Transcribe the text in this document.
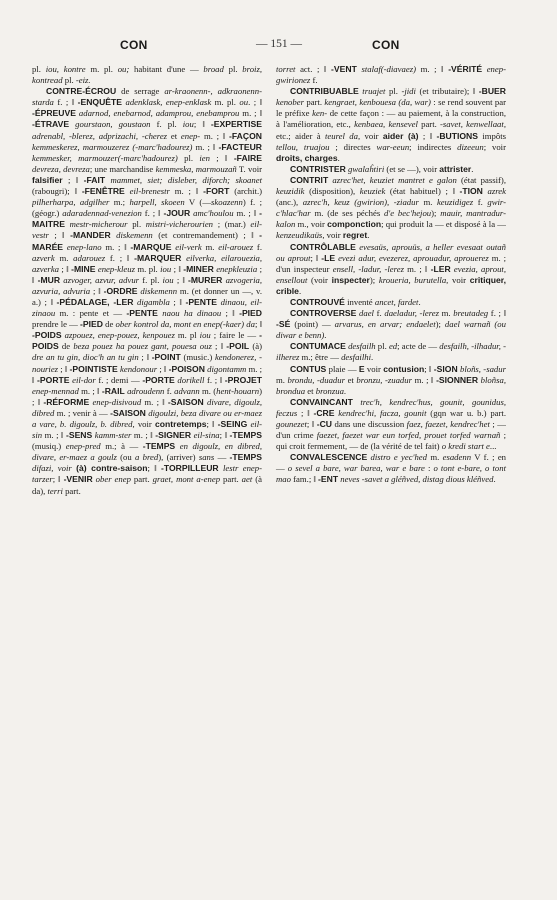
CON	— 151 —	CON

pl. iou, kontre m. pl. ou; habitant d'une — broad pl. broiz, kontread pl. -eiz.

CONTRE-ÉCROU de serrage ar-kraonenn-, adkraonenn-starda f. ; ‖ -ENQUÊTE adenklask, enep-enklask m. pl. ou. ; ‖ -ÉPREUVE adarnod, enebarnod, adamprou, enebamprou m. ; ‖ -ÉTRAVE gourstaon, goustaon f. pl. iou; ‖ -EXPERTISE adrenabl, -blerez, adprizachi, -cherez et enep- m. ; ‖ -FAÇON kemmeskerez, marmouzerez (-marc'hadourez) m. ; ‖ -FACTEUR kemmesker, marmouzer(-marc'hadourez) pl. ien ; ‖ -FAIRE devreza, devreza; une marchandise kemmeska, marmouzañ T. voir falsifier ; ‖ -FAIT mammet, siet; disleber, diforch; skoanet (rabougri); ‖ -FENÊTRE eil-brenestr m. ; ‖ -FORT (archit.) pilherharpa, adgilher m.; harpell, skoeen V (—skoazenn) f. ; (géogr.) adaradennad-venezion f. ; ‖ -JOUR amc'houlou m. ; ‖ -MAITRE mestr-micherour pl. mistri-vicherourien ; (mar.) eil-vestr ; ‖ -MANDER diskemenn (et contremandement) ; ‖ -MARÉE enep-lano m. ; ‖ -MARQUE eil-verk m. eil-arouez f. azverk m. adarouez f. ; ‖ -MARQUER eilverka, eilarouezia, azverka ; ‖ -MINE enep-kleuz m. pl. iou ; ‖ -MINER enepkleuzia ; ‖ -MUR azvoger, azvur, advur f. pl. iou ; ‖ -MURER azvogeria, azvuria, advuria ; ‖ -ORDRE diskemenn m. (et donner un —, v. a.) ; ‖ -PÉDALAGE, -LER digambla ; ‖ -PENTE dinaou, eil-zinaou m. : pente et — -PENTE naou ha dinaou ; ‖ -PIED prendre le — -PIED de ober kontrol da, mont en enep(-kaer) da; ‖ -POIDS azpouez, enep-pouez, kenpouez m. pl iou ; faire le — -POIDS de beza pouez ha pouez gant, pouesa ouz ; ‖ -POIL (à) dre an tu gin, dioc'h an tu gin ; ‖ -POINT (music.) kendonerez, -nouriez ; ‖ -POINTISTE kendonour ; ‖ -POISON digontamm m. ; ‖ -PORTE eil-dor f. ; demi — -PORTE dorikell f. ; ‖ -PROJET enep-mennad m. ; ‖ -RAIL adroudenn f. advann m. (hent-houarn) ; ‖ -RÉFORME enep-disivoud m. ; ‖ -SAISON divare, digoulz, dibred m. ; venir à — -SAISON digoulzi, beza divare ou er-maez a vare, b. digoulz, b. dibred, voir contretemps; ‖ -SEING eil-sin m. ; ‖ -SENS kamm-ster m. ; ‖ -SIGNER eil-sina; ‖ -TEMPS (musiq.) enep-pred m.; à — -TEMPS en digoulz, en dibred, divare, er-maez a goulz (ou a bred), (arriver) sans — -TEMPS difazi, voir (à) contre-saison; ‖ -TORPILLEUR lestr enep-tarzer; ‖ -VENIR ober enep part. graet, mont a-enep part. aet (à da), terri part.

torret act. ; ‖ -VENT stalaf(-diavaez) m. ; ‖ -VÉRITÉ enep-gwirionez f.

CONTRIBUABLE truajet pl. -jidi (et tributaire); ‖ -BUER kenober part. kengraet, kenbouesa (da, war) : se rend souvent par le préfixe ken- de cette façon : — au paiement, à la construction, à l'amélioration, etc., kenbaea, kensevel part. -savet, kenwellaat, etc.; aider à teurel da, voir aider (à) ; ‖ -BUTIONS impôts tellou, truajou ; directes war-eeun; indirectes dizeeun; voir droits, charges.

CONTRISTER gwalaĥtiri (et se —), voir attrister.

CONTRIT azrec'het, keuziet mantret e galon (état passif), keuzidik (disposition), keuziek (état habituel) ; ‖ -TION azrek (anc.), azrec'h, keuz (gwirion), -ziadur m. keuzidigez f. gwir-c'hlac'har m. (de ses péchés d'e bec'hejou); mauir, mantradur-kalon m., voir componction; qui produit la — et disposé à la — kenzeudikaüs, voir regret.

CONTRÔLABLE evesaüs, aprouüs, a heller evesaat outañ ou aprout; ‖ -LE evezi adur, evezerez, aprouadur, aprouerez m. ; d'un inspecteur ensell, -ladur, -lerez m. ; ‖ -LER evezia, aprout, ensellout (voir inspecter); kroueria, burutella, voir critiquer, crible.

CONTROUVÉ inventé ancet, fardet.

CONTROVERSE dael f. daeladur, -lerez m. breutadeg f. ; ‖ -SÉ (point) — arvarus, en arvar; endaelet); dael warnañ (ou diwar e benn).

CONTUMACE desfailh pl. ed; acte de — desfailh, -ilhadur, -ilherez m.; être — desfailhi.

CONTUS plaie — E voir contusion; ‖ -SION bloñs, -sadur m. brondu, -duadur et bronzu, -zuadur m. ; ‖ -SIONNER bloñsa, brondua et bronzua.

CONVAINCANT trec'h, kendrec'hus, gounit, gounidus, feczus ; ‖ -CRE kendrec'hi, facza, gounit (gqn war u. b.) part. gounezet; ‖ -CU dans une discussion faez, faezet, kendrec'het ; — d'un crime faezet, faezet war eun torfed, prouet torfed warnañ ; qui croit fermement, — de (la vérité de tel fait) o kredi start e...

CONVALESCENCE distro e yec'hed m. esadenn V f. ; en — o sevel a bare, war barea, war e bare : o tont e-bare, o tont mao fam.; ‖ -ENT neves -savet a gléñved, distag dious kléñved.
